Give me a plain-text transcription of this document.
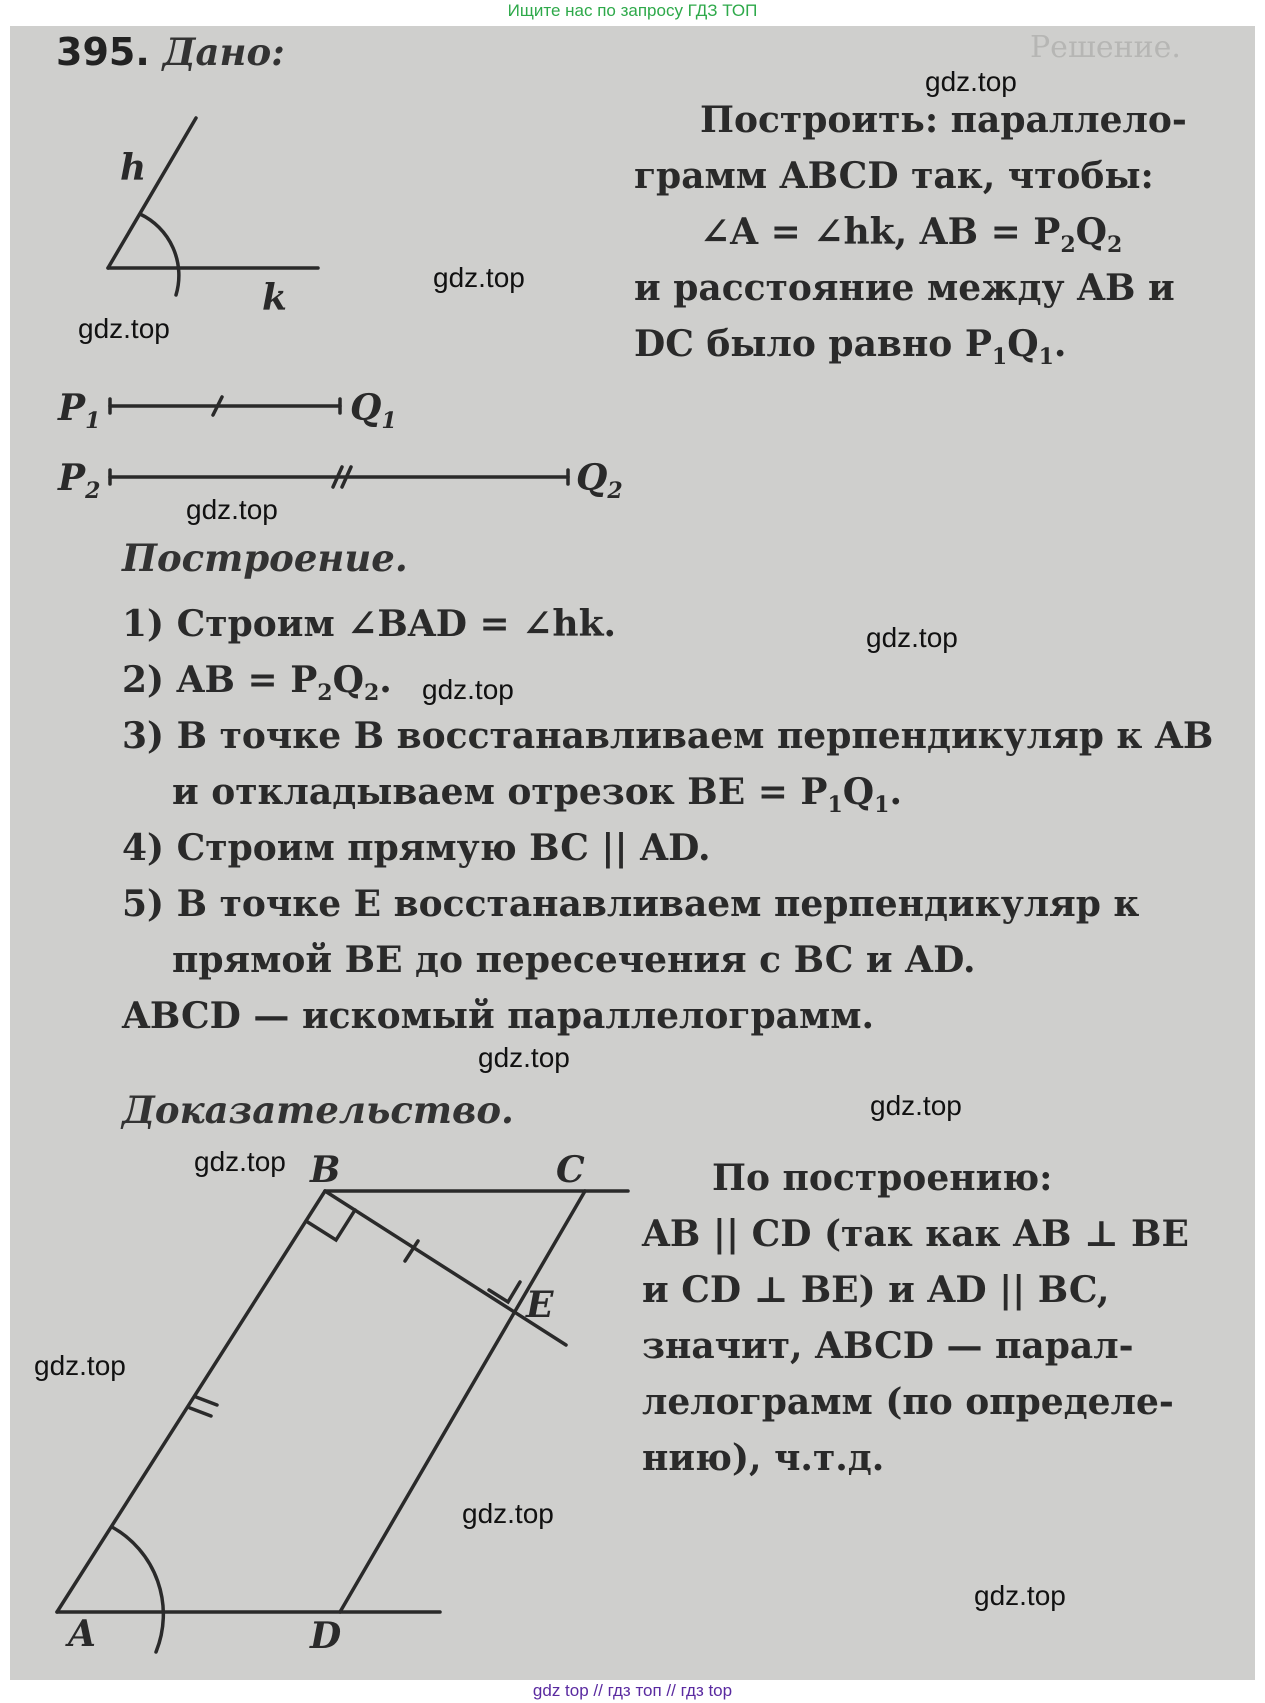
Ищите нас по запросу ГДЗ ТОП
Решение.
395. Дано:
Построить: параллело-
грамм ABCD так, чтобы:
∠A = ∠hk, AB = $P_2Q_2$
и расстояние между AB и
DC было равно $P_1Q_1$.
h
k
$P_1$	$Q_1$
$P_2$	$Q_2$
Построение.
1) Строим ∠BAD = ∠hk.
2) AB = $P_2Q_2$.
3) В точке B восстанавливаем перпендикуляр к AB
и откладываем отрезок BE = $P_1Q_1$.
4) Строим прямую BC || AD.
5) В точке E восстанавливаем перпендикуляр к
прямой BE до пересечения с BC и AD.
ABCD — искомый параллелограмм.
Доказательство.
По построению:
AB || CD (так как AB ⊥ BE
и CD ⊥ BE) и AD || BC,
значит, ABCD — парал-
лелограмм (по определе-
нию), ч.т.д.
B	C
E
A	D
gdz.top
gdz.top
gdz.top
gdz.top
gdz.top
gdz.top
gdz.top
gdz.top
gdz.top
gdz.top
gdz.top
gdz.top
gdz top // гдз топ // гдз top
